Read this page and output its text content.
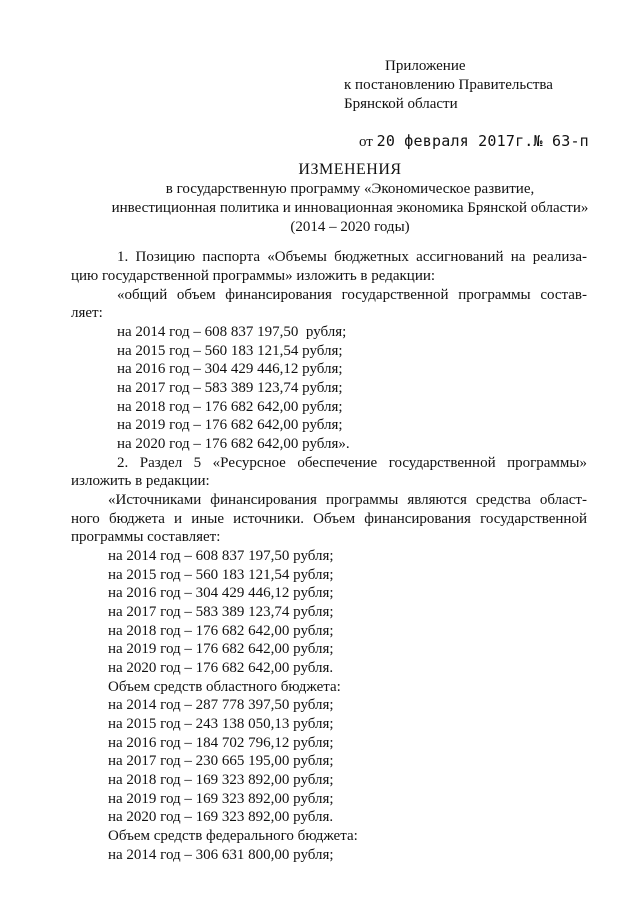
Приложение
к постановлению Правительства
Брянской области

от 20 февраля 2017г.№ 63-п

ИЗМЕНЕНИЯ
в государственную программу «Экономическое развитие,
инвестиционная политика и инновационная экономика Брянской области»
(2014 – 2020 годы)
1. Позицию паспорта «Объемы бюджетных ассигнований на реализа-
цию государственной программы» изложить в редакции:
«общий объем финансирования государственной программы состав-
ляет:
на 2014 год – 608 837 197,50  рубля;
на 2015 год – 560 183 121,54 рубля;
на 2016 год – 304 429 446,12 рубля;
на 2017 год – 583 389 123,74 рубля;
на 2018 год – 176 682 642,00 рубля;
на 2019 год – 176 682 642,00 рубля;
на 2020 год – 176 682 642,00 рубля».
2. Раздел 5 «Ресурсное обеспечение государственной программы»
изложить в редакции:
«Источниками финансирования программы являются средства област-
ного бюджета и иные источники. Объем финансирования государственной
программы составляет:
на 2014 год – 608 837 197,50 рубля;
на 2015 год – 560 183 121,54 рубля;
на 2016 год – 304 429 446,12 рубля;
на 2017 год – 583 389 123,74 рубля;
на 2018 год – 176 682 642,00 рубля;
на 2019 год – 176 682 642,00 рубля;
на 2020 год – 176 682 642,00 рубля.
Объем средств областного бюджета:
на 2014 год – 287 778 397,50 рубля;
на 2015 год – 243 138 050,13 рубля;
на 2016 год – 184 702 796,12 рубля;
на 2017 год – 230 665 195,00 рубля;
на 2018 год – 169 323 892,00 рубля;
на 2019 год – 169 323 892,00 рубля;
на 2020 год – 169 323 892,00 рубля.
Объем средств федерального бюджета:
на 2014 год – 306 631 800,00 рубля;
